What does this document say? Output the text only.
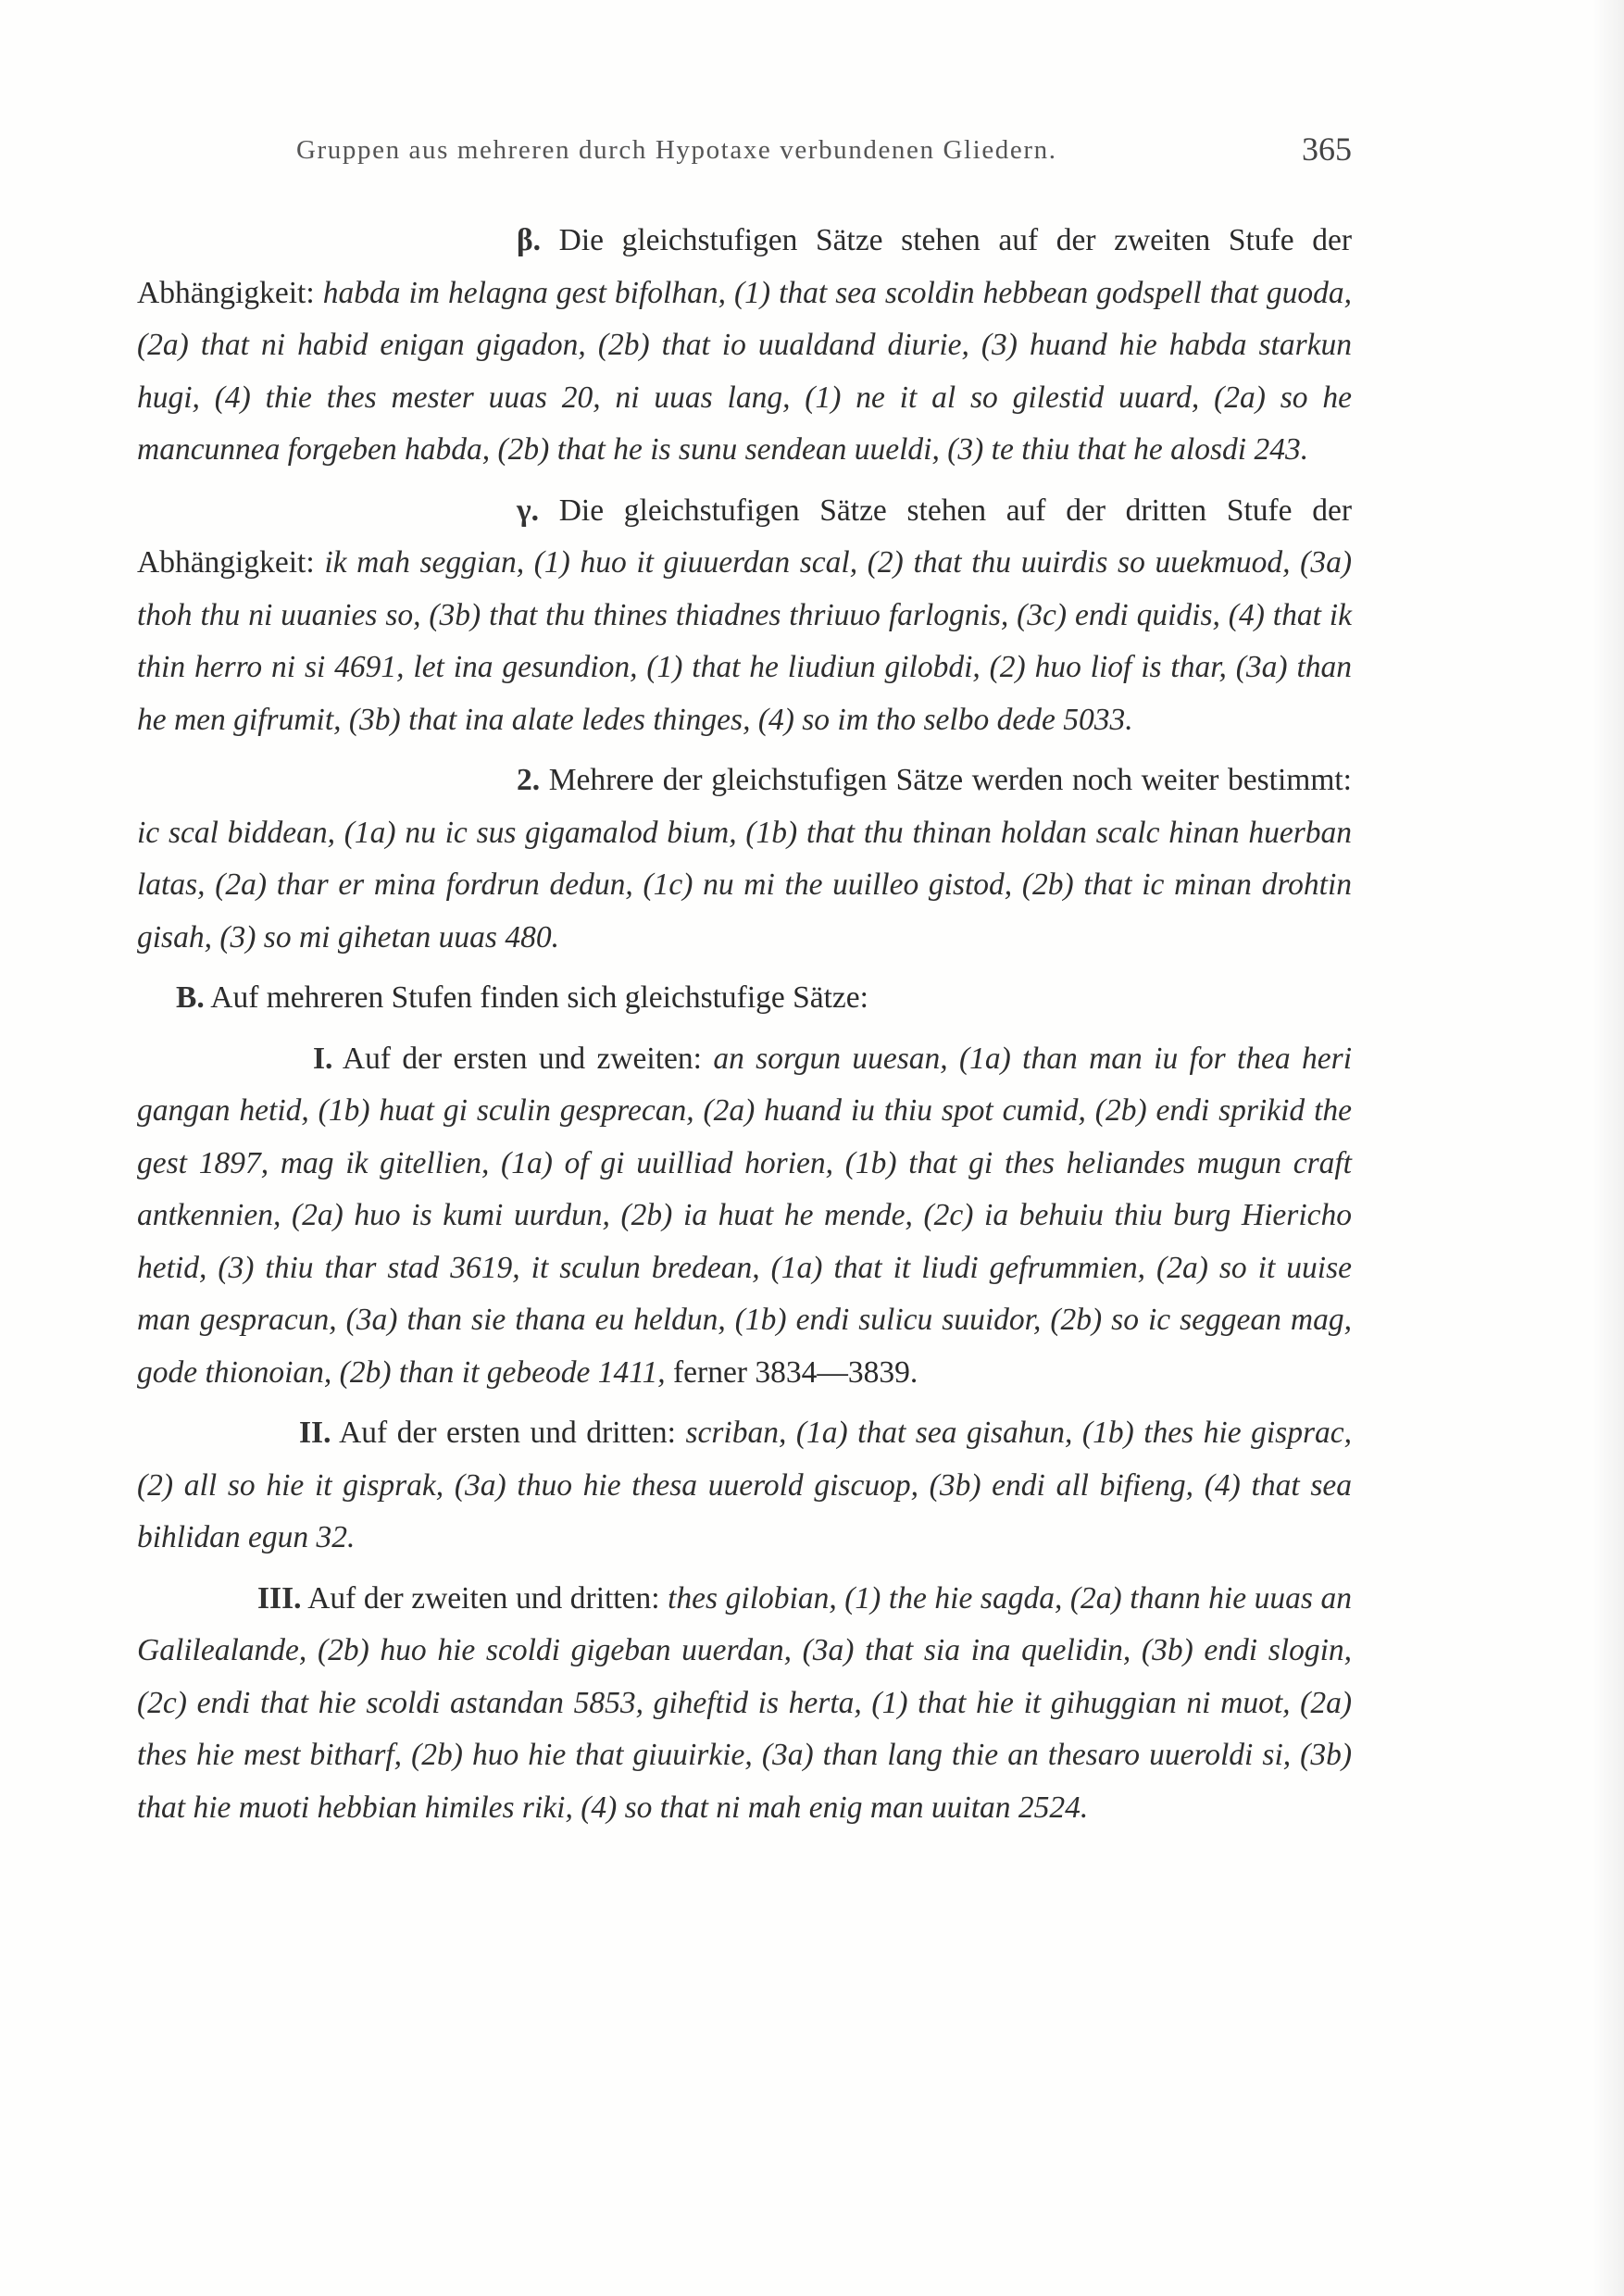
Gruppen aus mehreren durch Hypotaxe verbundenen Gliedern.	365

β. Die gleichstufigen Sätze stehen auf der zweiten Stufe der Abhängigkeit: habda im helagna gest bifolhan, (1) that sea scoldin hebbean godspell that guoda, (2a) that ni habid enigan gigadon, (2b) that io uualdand diurie, (3) huand hie habda starkun hugi, (4) thie thes mester uuas 20, ni uuas lang, (1) ne it al so gilestid uuard, (2a) so he mancunnea forgeben habda, (2b) that he is sunu sendean uueldi, (3) te thiu that he alosdi 243.

γ. Die gleichstufigen Sätze stehen auf der dritten Stufe der Abhängigkeit: ik mah seggian, (1) huo it giuuerdan scal, (2) that thu uuirdis so uuekmuod, (3a) thoh thu ni uuanies so, (3b) that thu thines thiadnes thriuuo farlognis, (3c) endi quidis, (4) that ik thin herro ni si 4691, let ina gesundion, (1) that he liudiun gilobdi, (2) huo liof is thar, (3a) than he men gifrumit, (3b) that ina alate ledes thinges, (4) so im tho selbo dede 5033.

2. Mehrere der gleichstufigen Sätze werden noch weiter bestimmt: ic scal biddean, (1a) nu ic sus gigamalod bium, (1b) that thu thinan holdan scalc hinan huerban latas, (2a) thar er mina fordrun dedun, (1c) nu mi the uuilleo gistod, (2b) that ic minan drohtin gisah, (3) so mi gihetan uuas 480.

B. Auf mehreren Stufen finden sich gleichstufige Sätze:

I. Auf der ersten und zweiten: an sorgun uuesan, (1a) than man iu for thea heri gangan hetid, (1b) huat gi sculin gesprecan, (2a) huand iu thiu spot cumid, (2b) endi sprikid the gest 1897, mag ik gitellien, (1a) of gi uuilliad horien, (1b) that gi thes heliandes mugun craft antkennien, (2a) huo is kumi uurdun, (2b) ia huat he mende, (2c) ia behuiu thiu burg Hiericho hetid, (3) thiu thar stad 3619, it sculun bredean, (1a) that it liudi gefrummien, (2a) so it uuise man gespracun, (3a) than sie thana eu heldun, (1b) endi sulicu suuidor, (2b) so ic seggean mag, gode thionoian, (2b) than it gebeode 1411, ferner 3834—3839.

II. Auf der ersten und dritten: scriban, (1a) that sea gisahun, (1b) thes hie gisprac, (2) all so hie it gisprak, (3a) thuo hie thesa uuerold giscuop, (3b) endi all bifieng, (4) that sea bihlidan egun 32.

III. Auf der zweiten und dritten: thes gilobian, (1) the hie sagda, (2a) thann hie uuas an Galilealande, (2b) huo hie scoldi gigeban uuerdan, (3a) that sia ina quelidin, (3b) endi slogin, (2c) endi that hie scoldi astandan 5853, giheftid is herta, (1) that hie it gihuggian ni muot, (2a) thes hie mest bitharf, (2b) huo hie that giuuirkie, (3a) than lang thie an thesaro uueroldi si, (3b) that hie muoti hebbian himiles riki, (4) so that ni mah enig man uuitan 2524.
